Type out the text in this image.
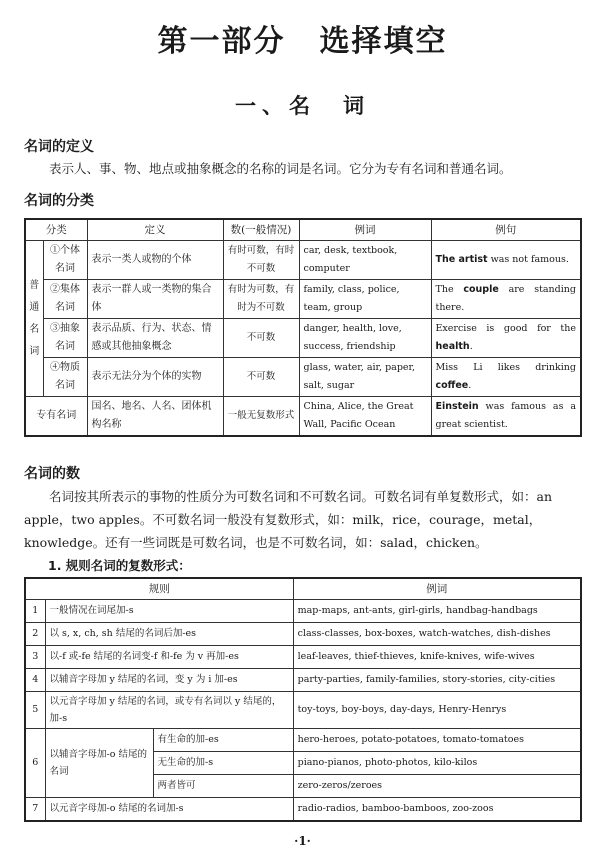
第一部分 选择填空
一、名　词
名词的定义
表示人、事、物、地点或抽象概念的名称的词是名词。它分为专有名词和普通名词。
名词的分类
分类		定义	数(一般情况)	例词	例句

普
通
名
词	①个体名词	表示一类人或物的个体	有时可数，有时不可数	car, desk, textbook, computer	The artist was not famous.
	②集体名词	表示一群人或一类物的集合体	有时为可数，有时为不可数	family, class, police, team, group	The couple are standing there.
	③抽象名词	表示品质、行为、状态、情感或其他抽象概念	不可数	danger, health, love, success, friendship	Exercise is good for the health.
	④物质名词	表示无法分为个体的实物	不可数	glass, water, air, paper, salt, sugar	Miss Li likes drinking coffee.
专有名词		国名、地名、人名、团体机构名称	一般无复数形式	China, Alice, the Great Wall, Pacific Ocean	Einstein was famous as a great scientist.
名词的数
名词按其所表示的事物的性质分为可数名词和不可数名词。可数名词有单复数形式，如：an apple，two apples。不可数名词一般没有复数形式，如：milk，rice，courage，metal，knowledge。还有一些词既是可数名词，也是不可数名词，如：salad，chicken。
1. 规则名词的复数形式：
规则			例词
1	一般情况在词尾加-s		map-maps, ant-ants, girl-girls, handbag-handbags
2	以 s, x, ch, sh 结尾的名词后加-es		class-classes, box-boxes, watch-watches, dish-dishes
3	以-f 或-fe 结尾的名词变-f 和-fe 为 v 再加-es		leaf-leaves, thief-thieves, knife-knives, wife-wives
4	以辅音字母加 y 结尾的名词，变 y 为 i 加-es		party-parties, family-families, story-stories, city-cities
5	以元音字母加 y 结尾的名词，或专有名词以 y 结尾的，加-s		toy-toys, boy-boys, day-days, Henry-Henrys
6	以辅音字母加-o 结尾的名词	有生命的加-es	hero-heroes, potato-potatoes, tomato-tomatoes
		无生命的加-s	piano-pianos, photo-photos, kilo-kilos
		两者皆可	zero-zeros/zeroes
7	以元音字母加-o 结尾的名词加-s		radio-radios, bamboo-bamboos, zoo-zoos
·1·
